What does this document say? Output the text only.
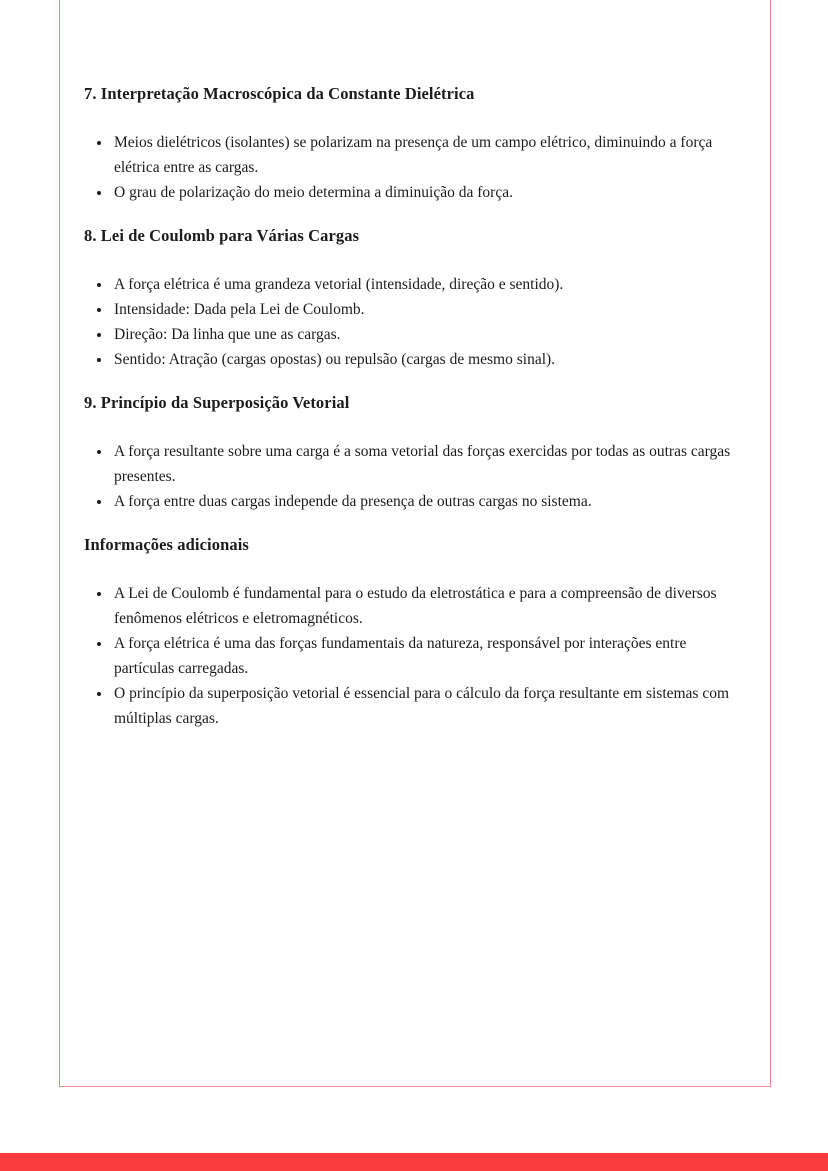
7. Interpretação Macroscópica da Constante Dielétrica
• Meios dielétricos (isolantes) se polarizam na presença de um campo elétrico, diminuindo a força elétrica entre as cargas.
• O grau de polarização do meio determina a diminuição da força.
8. Lei de Coulomb para Várias Cargas
• A força elétrica é uma grandeza vetorial (intensidade, direção e sentido).
• Intensidade: Dada pela Lei de Coulomb.
• Direção: Da linha que une as cargas.
• Sentido: Atração (cargas opostas) ou repulsão (cargas de mesmo sinal).
9. Princípio da Superposição Vetorial
• A força resultante sobre uma carga é a soma vetorial das forças exercidas por todas as outras cargas presentes.
• A força entre duas cargas independe da presença de outras cargas no sistema.
Informações adicionais
• A Lei de Coulomb é fundamental para o estudo da eletrostática e para a compreensão de diversos fenômenos elétricos e eletromagnéticos.
• A força elétrica é uma das forças fundamentais da natureza, responsável por interações entre partículas carregadas.
• O princípio da superposição vetorial é essencial para o cálculo da força resultante em sistemas com múltiplas cargas.
